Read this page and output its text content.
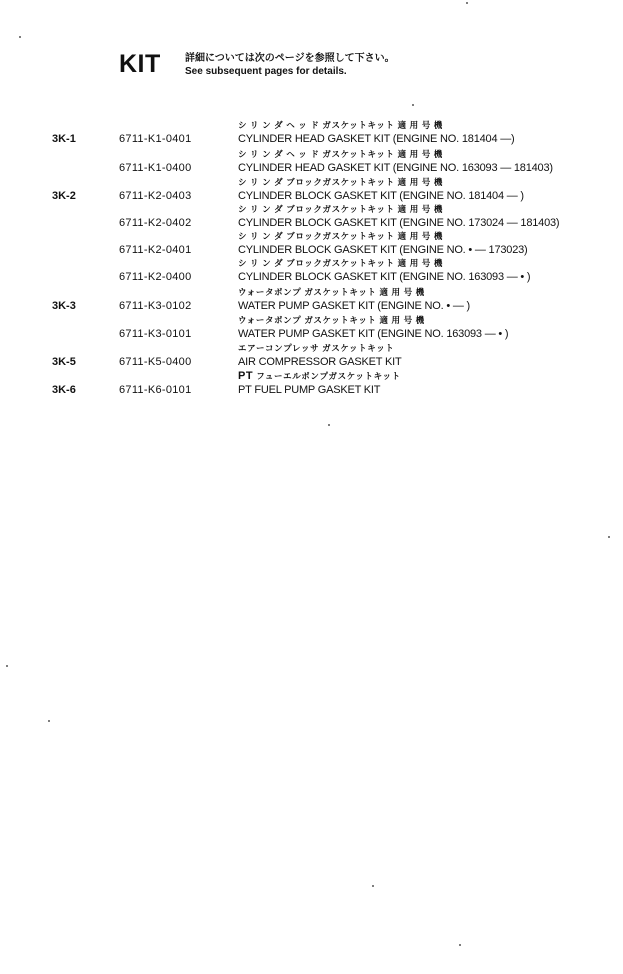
KIT 詳細については次のページを参照して下さい。
See subsequent pages for details.
シ リ ン ダ ヘ ッ ド ガスケットキット 適 用 号 機
3K-1	6711-K1-0401	CYLINDER HEAD GASKET KIT (ENGINE NO. 181404 —)
シ リ ン ダ ヘ ッ ド ガスケットキット 適 用 号 機
6711-K1-0400	CYLINDER HEAD GASKET KIT (ENGINE NO. 163093 — 181403)
シ リ ン ダ ブロックガスケットキット 適 用 号 機
3K-2	6711-K2-0403	CYLINDER BLOCK GASKET KIT (ENGINE NO. 181404 — )
シ リ ン ダ ブロックガスケットキット 適 用 号 機
6711-K2-0402	CYLINDER BLOCK GASKET KIT (ENGINE NO. 173024 — 181403)
シ リ ン ダ ブロックガスケットキット 適 用 号 機
6711-K2-0401	CYLINDER BLOCK GASKET KIT (ENGINE NO. • — 173023)
シ リ ン ダ ブロックガスケットキット 適 用 号 機
6711-K2-0400	CYLINDER BLOCK GASKET KIT (ENGINE NO. 163093 — • )
ウォータポンプ ガスケットキット 適 用 号 機
3K-3	6711-K3-0102	WATER PUMP GASKET KIT (ENGINE NO. • — )
ウォータポンプ ガスケットキット 適 用 号 機
6711-K3-0101	WATER PUMP GASKET KIT (ENGINE NO. 163093 — • )
エアーコンプレッサ ガスケットキット
3K-5	6711-K5-0400	AIR COMPRESSOR GASKET KIT
PT フューエルポンプガスケットキット
3K-6	6711-K6-0101	PT FUEL PUMP GASKET KIT
